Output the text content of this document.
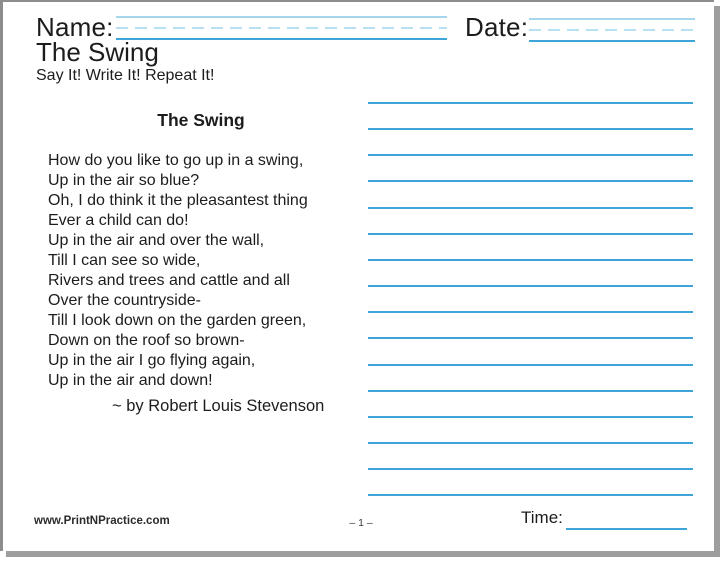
Name:	Date:
The Swing
Say It! Write It! Repeat It!
The Swing
How do you like to go up in a swing,
Up in the air so blue?
Oh, I do think it the pleasantest thing
Ever a child can do!
Up in the air and over the wall,
Till I can see so wide,
Rivers and trees and cattle and all
Over the countryside-
Till I look down on the garden green,
Down on the roof so brown-
Up in the air I go flying again,
Up in the air and down!
~ by Robert Louis Stevenson
www.PrintNPractice.com	– 1 –	Time:
